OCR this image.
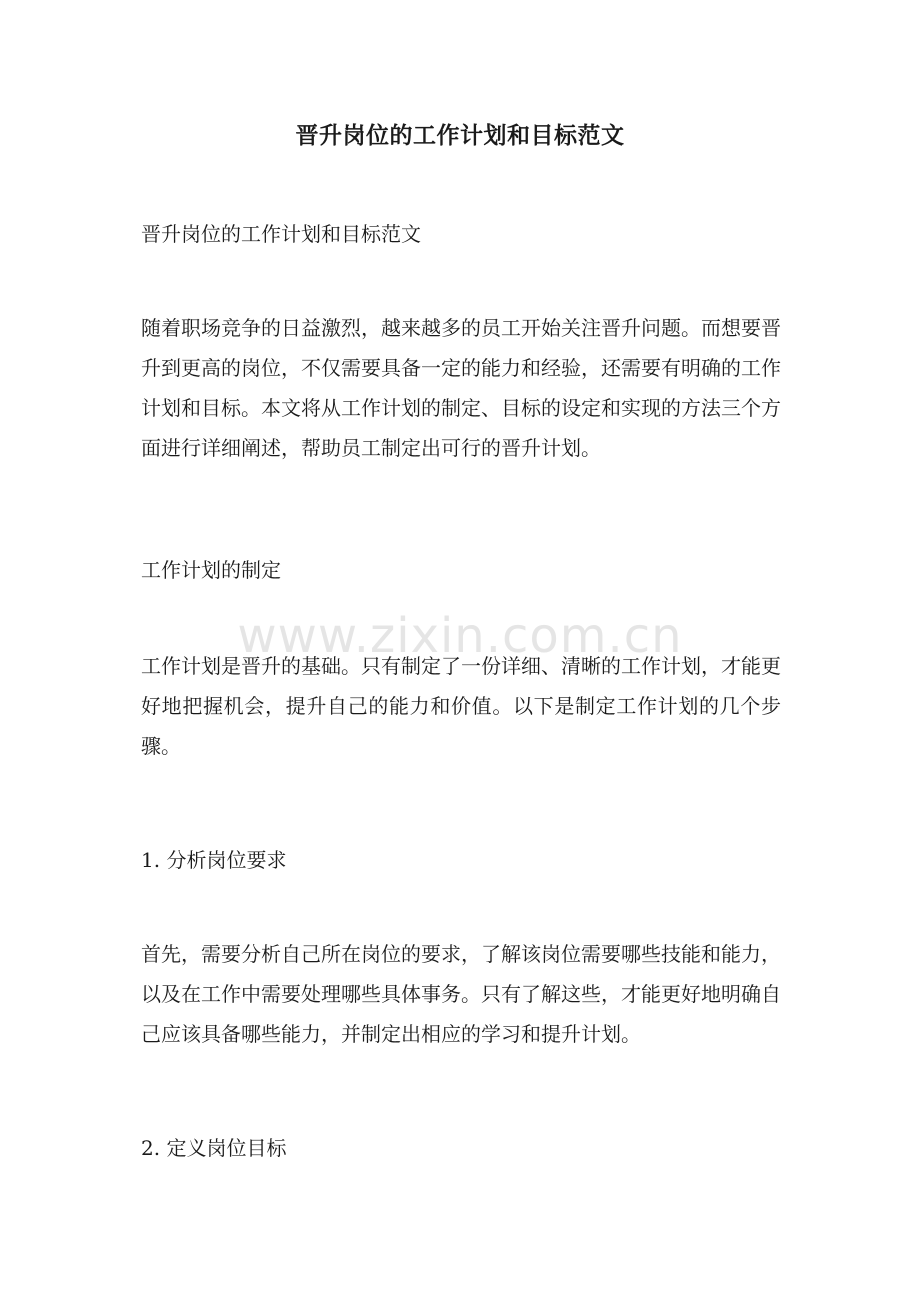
晋升岗位的工作计划和目标范文

晋升岗位的工作计划和目标范文

随着职场竞争的日益激烈，越来越多的员工开始关注晋升问题。而想要晋升到更高的岗位，不仅需要具备一定的能力和经验，还需要有明确的工作计划和目标。本文将从工作计划的制定、目标的设定和实现的方法三个方面进行详细阐述，帮助员工制定出可行的晋升计划。

工作计划的制定

工作计划是晋升的基础。只有制定了一份详细、清晰的工作计划，才能更好地把握机会，提升自己的能力和价值。以下是制定工作计划的几个步骤。

1. 分析岗位要求

首先，需要分析自己所在岗位的要求，了解该岗位需要哪些技能和能力，以及在工作中需要处理哪些具体事务。只有了解这些，才能更好地明确自己应该具备哪些能力，并制定出相应的学习和提升计划。

2. 定义岗位目标

www.zixin.com.cn
